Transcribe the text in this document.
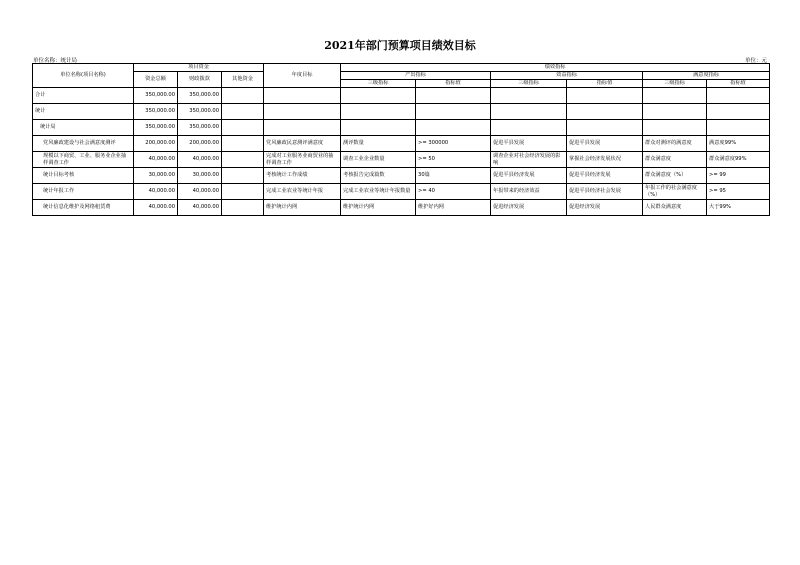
2021年部门预算项目绩效目标
单位名称：统计局	单位：元
单位名称(项目名称)	项目资金			年度目标	绩效指标					
	资金总额	财政拨款	其他资金		产出指标		效益指标		满意度指标	
					三级指标	指标值	三级指标	指标值	三级指标	指标值
合计	350,000.00	350,000.00								
统计	350,000.00	350,000.00								
统计局	350,000.00	350,000.00								
党风廉政建设与社会满意度测评	200,000.00	200,000.00		党风廉政民意测评满意度	测评数量	>= 300000	促进平县发展	促进平县发展	群众对测评的满意度	满意度99%
规模以下商贸、工业、服务业企业抽样调查工作	40,000.00	40,000.00		完成对工业服务业商贸业的抽样调查工作	调查工业企业数量	>= 50	调查企业对社会经济发展的影响	掌握社会经济发展状况	群众满意度	群众满意度99%
统计目标考核	30,000.00	30,000.00		考核统计工作成绩	考核报告完成篇数	30篇	促进平县经济发展	促进平县经济发展	群众满意度（%）	>= 99
统计年报工作	40,000.00	40,000.00		完成工业农业等统计年报	完成工业农业等统计年报数量	>= 40	年报带来的经济效益	促进平县经济社会发展	年报工作的社会满意度（%）	>= 95
统计信息化维护及网络租赁费	40,000.00	40,000.00		维护统计内网	维护统计内网	维护好内网	促进经济发展	促进经济发展	人民群众满意度	大于99%
